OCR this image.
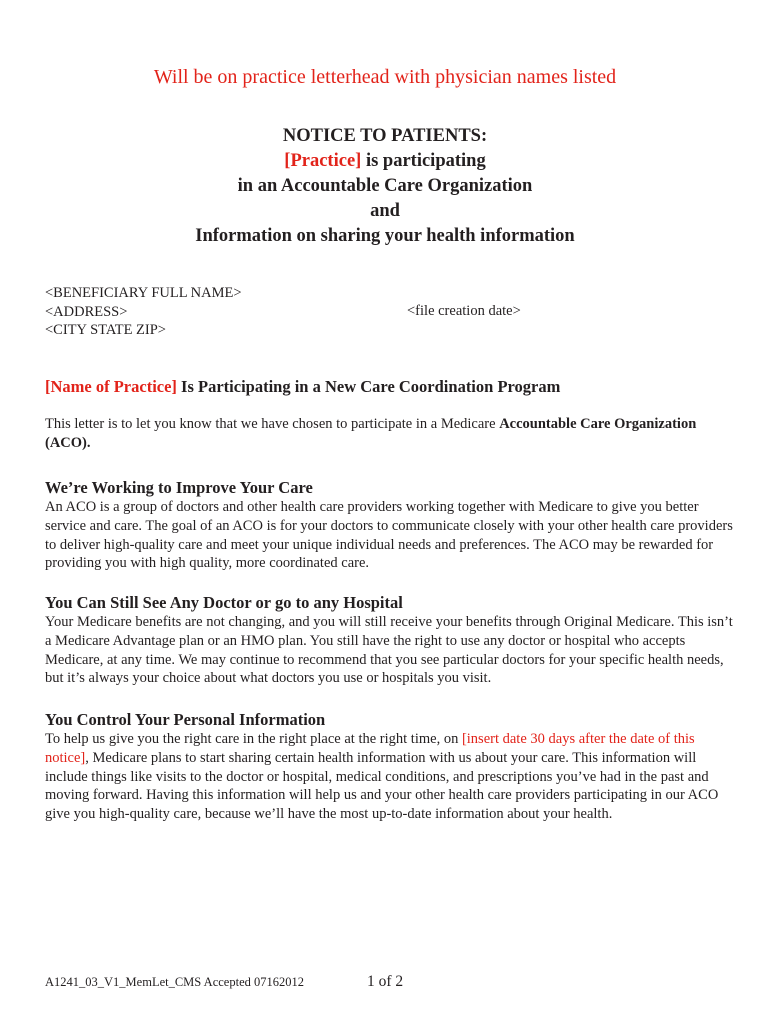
Will be on practice letterhead with physician names listed
NOTICE TO PATIENTS:
[Practice] is participating
in an Accountable Care Organization
and
Information on sharing your health information
<BENEFICIARY FULL NAME>
<ADDRESS>
<CITY STATE ZIP>
<file creation date>
[Name of Practice] Is Participating in a New Care Coordination Program
This letter is to let you know that we have chosen to participate in a Medicare Accountable Care Organization (ACO).
We’re Working to Improve Your Care
An ACO is a group of doctors and other health care providers working together with Medicare to give you better service and care. The goal of an ACO is for your doctors to communicate closely with your other health care providers to deliver high-quality care and meet your unique individual needs and preferences. The ACO may be rewarded for providing you with high quality, more coordinated care.
You Can Still See Any Doctor or go to any Hospital
Your Medicare benefits are not changing, and you will still receive your benefits through Original Medicare. This isn’t a Medicare Advantage plan or an HMO plan. You still have the right to use any doctor or hospital who accepts Medicare, at any time. We may continue to recommend that you see particular doctors for your specific health needs, but it’s always your choice about what doctors you use or hospitals you visit.
You Control Your Personal Information
To help us give you the right care in the right place at the right time, on [insert date 30 days after the date of this notice], Medicare plans to start sharing certain health information with us about your care. This information will include things like visits to the doctor or hospital, medical conditions, and prescriptions you’ve had in the past and moving forward. Having this information will help us and your other health care providers participating in our ACO give you high-quality care, because we’ll have the most up-to-date information about your health.
A1241_03_V1_MemLet_CMS Accepted 07162012	1 of 2
